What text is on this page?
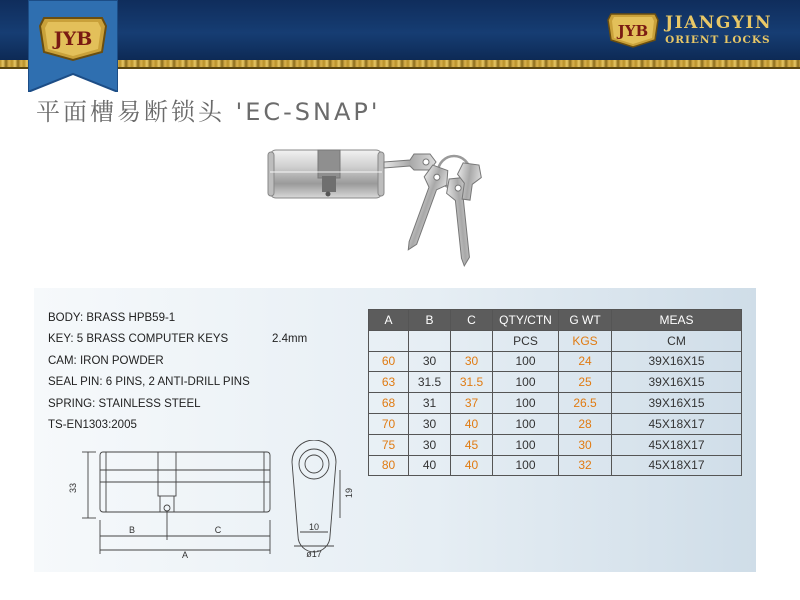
JYB	JYB JIANGYIN
ORIENT LOCKS
平面槽易断锁头 'EC-SNAP'
BODY: BRASS HPB59-1
KEY: 5 BRASS COMPUTER KEYS	2.4mm
CAM: IRON POWDER
SEAL PIN: 6 PINS, 2 ANTI-DRILL PINS
SPRING: STAINLESS STEEL
TS-EN1303:2005
33
B	C
A
19
10
ø17
A	B	C	QTY/CTN	G WT	MEAS
			PCS	KGS	CM
60	30	30	100	24	39X16X15
63	31.5	31.5	100	25	39X16X15
68	31	37	100	26.5	39X16X15
70	30	40	100	28	45X18X17
75	30	45	100	30	45X18X17
80	40	40	100	32	45X18X17
